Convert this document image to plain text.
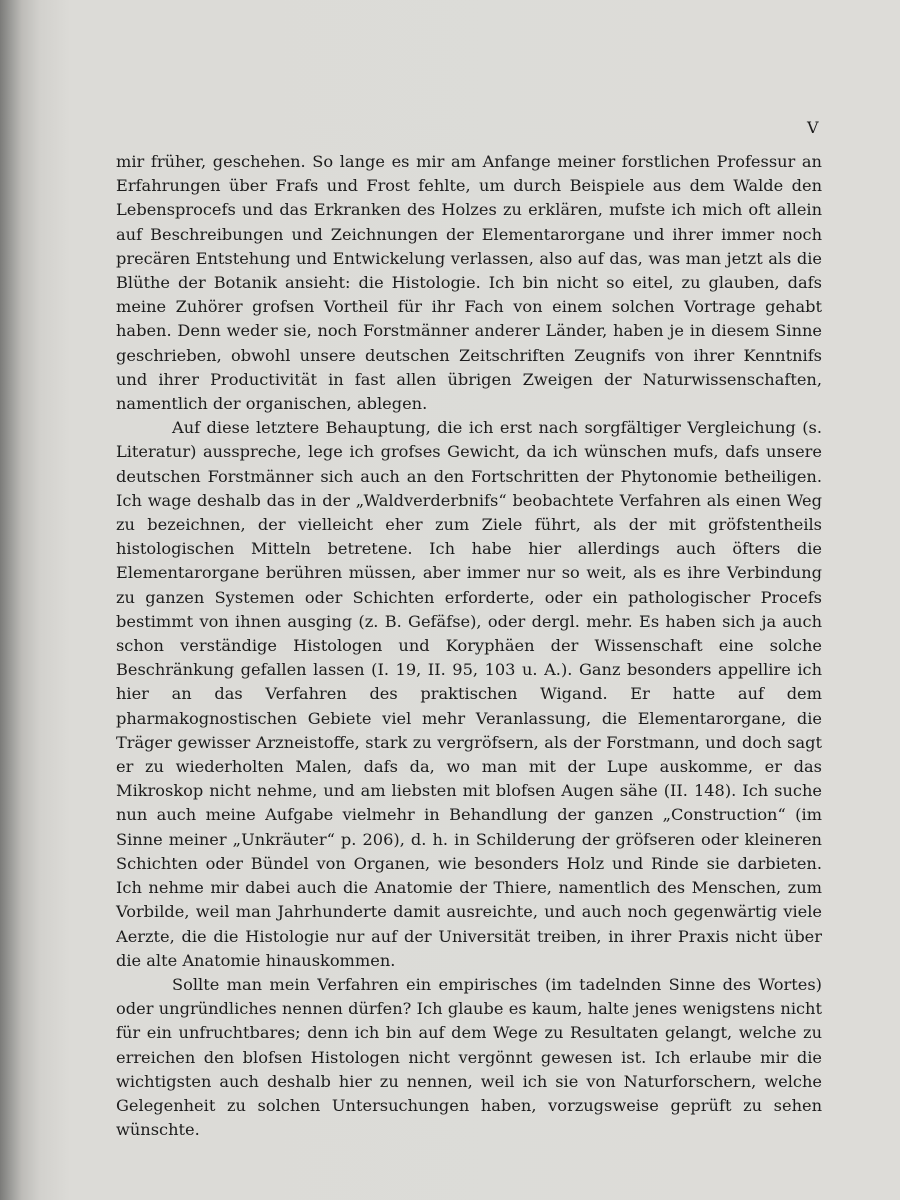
V

mir früher, geschehen. So lange es mir am Anfange meiner forstlichen Professur an Erfahrungen über Frafs und Frost fehlte, um durch Beispiele aus dem Walde den Lebensprocefs und das Erkranken des Holzes zu erklären, mufste ich mich oft allein auf Beschreibungen und Zeichnungen der Elementarorgane und ihrer immer noch precären Entstehung und Entwickelung verlassen, also auf das, was man jetzt als die Blüthe der Botanik ansieht: die Histologie. Ich bin nicht so eitel, zu glauben, dafs meine Zuhörer grofsen Vortheil für ihr Fach von einem solchen Vortrage gehabt haben. Denn weder sie, noch Forstmänner anderer Länder, haben je in diesem Sinne geschrieben, obwohl unsere deutschen Zeitschriften Zeugnifs von ihrer Kenntnifs und ihrer Productivität in fast allen übrigen Zweigen der Naturwissenschaften, namentlich der organischen, ablegen.

Auf diese letztere Behauptung, die ich erst nach sorgfältiger Vergleichung (s. Literatur) ausspreche, lege ich grofses Gewicht, da ich wünschen mufs, dafs unsere deutschen Forstmänner sich auch an den Fortschritten der Phytonomie betheiligen. Ich wage deshalb das in der „Waldverderbnifs“ beobachtete Verfahren als einen Weg zu bezeichnen, der vielleicht eher zum Ziele führt, als der mit gröfstentheils histologischen Mitteln betretene. Ich habe hier allerdings auch öfters die Elementarorgane berühren müssen, aber immer nur so weit, als es ihre Verbindung zu ganzen Systemen oder Schichten erforderte, oder ein pathologischer Procefs bestimmt von ihnen ausging (z. B. Gefäfse), oder dergl. mehr. Es haben sich ja auch schon verständige Histologen und Koryphäen der Wissenschaft eine solche Beschränkung gefallen lassen (I. 19, II. 95, 103 u. A.). Ganz besonders appellire ich hier an das Verfahren des praktischen Wigand. Er hatte auf dem pharmakognostischen Gebiete viel mehr Veranlassung, die Elementarorgane, die Träger gewisser Arzneistoffe, stark zu vergröfsern, als der Forstmann, und doch sagt er zu wiederholten Malen, dafs da, wo man mit der Lupe auskomme, er das Mikroskop nicht nehme, und am liebsten mit blofsen Augen sähe (II. 148). Ich suche nun auch meine Aufgabe vielmehr in Behandlung der ganzen „Construction“ (im Sinne meiner „Unkräuter“ p. 206), d. h. in Schilderung der gröfseren oder kleineren Schichten oder Bündel von Organen, wie besonders Holz und Rinde sie darbieten. Ich nehme mir dabei auch die Anatomie der Thiere, namentlich des Menschen, zum Vorbilde, weil man Jahrhunderte damit ausreichte, und auch noch gegenwärtig viele Aerzte, die die Histologie nur auf der Universität treiben, in ihrer Praxis nicht über die alte Anatomie hinauskommen.

Sollte man mein Verfahren ein empirisches (im tadelnden Sinne des Wortes) oder ungründliches nennen dürfen? Ich glaube es kaum, halte jenes wenigstens nicht für ein unfruchtbares; denn ich bin auf dem Wege zu Resultaten gelangt, welche zu erreichen den blofsen Histologen nicht vergönnt gewesen ist. Ich erlaube mir die wichtigsten auch deshalb hier zu nennen, weil ich sie von Naturforschern, welche Gelegenheit zu solchen Untersuchungen haben, vorzugsweise geprüft zu sehen wünschte.
